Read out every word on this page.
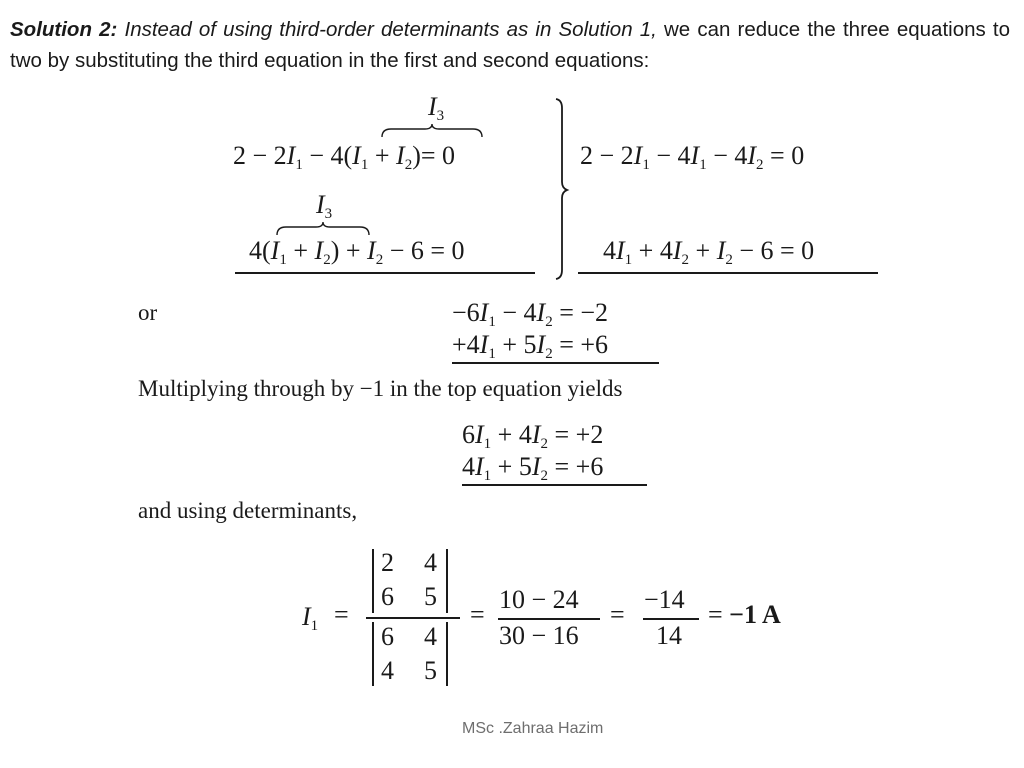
Solution 2: Instead of using third-order determinants as in Solution 1, we can reduce the three equations to two by substituting the third equation in the first and second equations:
$I_3$
$I_3$
$2 - 2I_1 - 4(I_1 + I_2)= 0$
$4(I_1 + I_2) + I_2 - 6 = 0$
$2 - 2I_1 - 4I_1 - 4I_2 = 0$
$4I_1 + 4I_2 + I_2 - 6 = 0$
or	$-6I_1 - 4I_2 = -2$
$+4I_1 + 5I_2 = +6$
Multiplying through by −1 in the top equation yields
$6I_1 + 4I_2 = +2$
$4I_1 + 5I_2 = +6$
and using determinants,
$I_1$ =
2 4
6 5
6 4
4 5
=
10 − 24
30 − 16
=
−14
14
= −1 A
MSc .Zahraa Hazim
